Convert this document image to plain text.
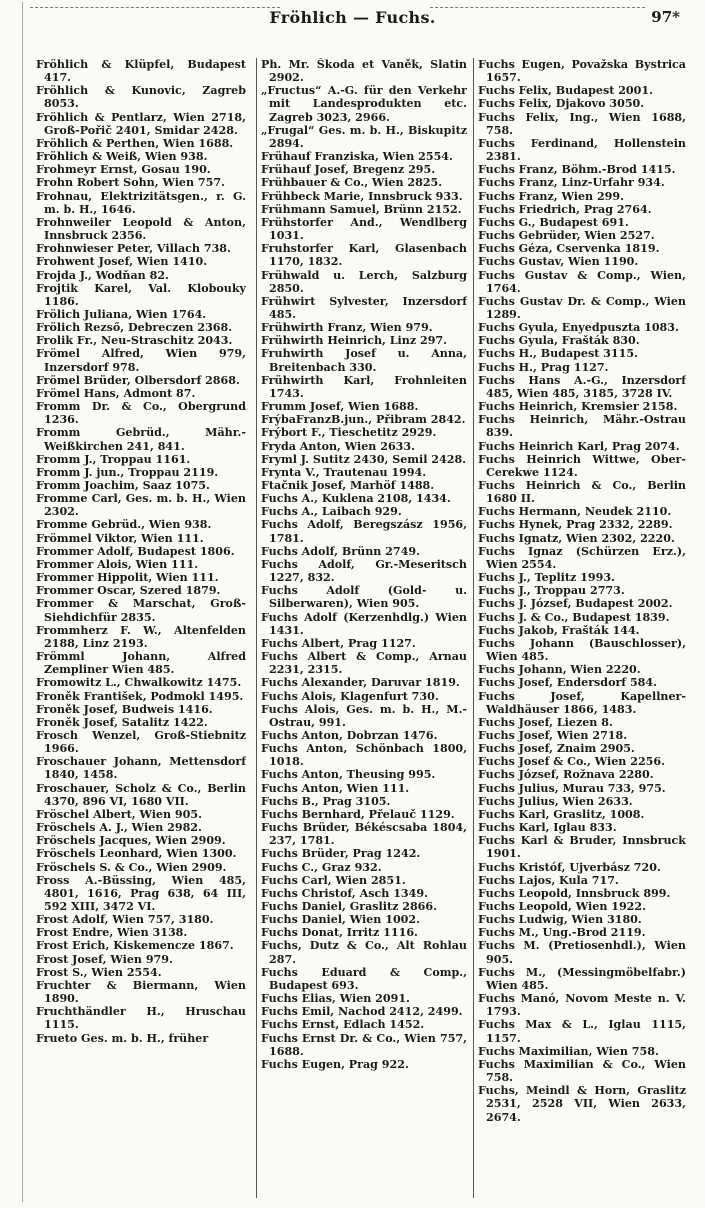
Fröhlich — Fuchs.	97*

Fröhlich & Klüpfel, Budapest 417.

Fröhlich & Kunovic, Zagreb 8053.

Fröhlich & Pentlarz, Wien 2718, Groß-Pořič 2401, Smidar 2428.

Fröhlich & Perthen, Wien 1688.

Fröhlich & Weiß, Wien 938.

Frohmeyr Ernst, Gosau 190.

Frohn Robert Sohn, Wien 757.

Frohnau, Elektrizitätsgen., r. G. m. b. H., 1646.

Frohnweiler Leopold & Anton, Innsbruck 2356.

Frohnwieser Peter, Villach 738.

Frohwent Josef, Wien 1410.

Frojda J., Wodňan 82.

Frojtik Karel, Val. Klobouky 1186.

Frölich Juliana, Wien 1764.

Frölich Rezső, Debreczen 2368.

Frolik Fr., Neu-Straschitz 2043.

Frömel Alfred, Wien 979, Inzersdorf 978.

Frömel Brüder, Olbersdorf 2868.

Frömel Hans, Admont 87.

Fromm Dr. & Co., Obergrund 1236.

Fromm Gebrüd., Mähr.-Weißkirchen 241, 841.

Fromm J., Troppau 1161.

Fromm J. jun., Troppau 2119.

Fromm Joachim, Saaz 1075.

Fromme Carl, Ges. m. b. H., Wien 2302.

Fromme Gebrüd., Wien 938.

Frömmel Viktor, Wien 111.

Frommer Adolf, Budapest 1806.

Frommer Alois, Wien 111.

Frommer Hippolit, Wien 111.

Frommer Oscar, Szered 1879.

Frommer & Marschat, Groß-Siehdichfür 2835.

Frommherz F. W., Altenfelden 2188, Linz 2193.

Frömml Johann, Alfred Zempliner Wien 485.

Fromowitz L., Chwalkowitz 1475.

Froněk František, Podmokl 1495.

Froněk Josef, Budweis 1416.

Froněk Josef, Satalitz 1422.

Frosch Wenzel, Groß-Stiebnitz 1966.

Froschauer Johann, Mettensdorf 1840, 1458.

Froschauer, Scholz & Co., Berlin 4370, 896 VI, 1680 VII.

Fröschel Albert, Wien 905.

Fröschels A. J., Wien 2982.

Fröschels Jacques, Wien 2909.

Fröschels Leonhard, Wien 1300.

Fröschels S. & Co., Wien 2909.

Fross A.-Büssing, Wien 485, 4801, 1616, Prag 638, 64 III, 592 XIII, 3472 VI.

Frost Adolf, Wien 757, 3180.

Frost Endre, Wien 3138.

Frost Erich, Kiskemencze 1867.

Frost Josef, Wien 979.

Frost S., Wien 2554.

Fruchter & Biermann, Wien 1890.

Fruchthändler H., Hruschau 1115.

Frueto Ges. m. b. H., früher

Ph. Mr. Škoda et Vaněk, Slatin 2902.

„Fructus“ A.-G. für den Verkehr mit Landesprodukten etc. Zagreb 3023, 2966.

„Frugal“ Ges. m. b. H., Biskupitz 2894.

Frühauf Franziska, Wien 2554.

Frühauf Josef, Bregenz 295.

Frühbauer & Co., Wien 2825.

Frühbeck Marie, Innsbruck 933.

Frühmann Samuel, Brünn 2152.

Frühstorfer And., Wendlberg 1031.

Fruhstorfer Karl, Glasenbach 1170, 1832.

Frühwald u. Lerch, Salzburg 2850.

Frühwirt Sylvester, Inzersdorf 485.

Frühwirth Franz, Wien 979.

Frühwirth Heinrich, Linz 297.

Fruhwirth Josef u. Anna, Breitenbach 330.

Frühwirth Karl, Frohnleiten 1743.

Frumm Josef, Wien 1688.

FrýbaFranzB.jun., Přibram 2842.

Frýbort F., Tieschetitz 2929.

Fryda Anton, Wien 2633.

Fryml J. Sutitz 2430, Semil 2428.

Frynta V., Trautenau 1994.

Ftačnik Josef, Marhöf 1488.

Fuchs A., Kuklena 2108, 1434.

Fuchs A., Laibach 929.

Fuchs Adolf, Beregszász 1956, 1781.

Fuchs Adolf, Brünn 2749.

Fuchs Adolf, Gr.-Meseritsch 1227, 832.

Fuchs Adolf (Gold- u. Silberwaren), Wien 905.

Fuchs Adolf (Kerzenhdlg.) Wien 1431.

Fuchs Albert, Prag 1127.

Fuchs Albert & Comp., Arnau 2231, 2315.

Fuchs Alexander, Daruvar 1819.

Fuchs Alois, Klagenfurt 730.

Fuchs Alois, Ges. m. b. H., M.-Ostrau, 991.

Fuchs Anton, Dobrzan 1476.

Fuchs Anton, Schönbach 1800, 1018.

Fuchs Anton, Theusing 995.

Fuchs Anton, Wien 111.

Fuchs B., Prag 3105.

Fuchs Bernhard, Přelauč 1129.

Fuchs Brüder, Békéscsaba 1804, 237, 1781.

Fuchs Brüder, Prag 1242.

Fuchs C., Graz 932.

Fuchs Carl, Wien 2851.

Fuchs Christof, Asch 1349.

Fuchs Daniel, Graslitz 2866.

Fuchs Daniel, Wien 1002.

Fuchs Donat, Irritz 1116.

Fuchs, Dutz & Co., Alt Rohlau 287.

Fuchs Eduard & Comp., Budapest 693.

Fuchs Elias, Wien 2091.

Fuchs Emil, Nachod 2412, 2499.

Fuchs Ernst, Edlach 1452.

Fuchs Ernst Dr. & Co., Wien 757, 1688.

Fuchs Eugen, Prag 922.

Fuchs Eugen, Považska Bystrica 1657.

Fuchs Felix, Budapest 2001.

Fuchs Felix, Djakovo 3050.

Fuchs Felix, Ing., Wien 1688, 758.

Fuchs Ferdinand, Hollenstein 2381.

Fuchs Franz, Böhm.-Brod 1415.

Fuchs Franz, Linz-Urfahr 934.

Fuchs Franz, Wien 299.

Fuchs Friedrich, Prag 2764.

Fuchs G., Budapest 691.

Fuchs Gebrüder, Wien 2527.

Fuchs Géza, Cservenka 1819.

Fuchs Gustav, Wien 1190.

Fuchs Gustav & Comp., Wien, 1764.

Fuchs Gustav Dr. & Comp., Wien 1289.

Fuchs Gyula, Enyedpuszta 1083.

Fuchs Gyula, Frašták 830.

Fuchs H., Budapest 3115.

Fuchs H., Prag 1127.

Fuchs Hans A.-G., Inzersdorf 485, Wien 485, 3185, 3728 IV.

Fuchs Heinrich, Kremsier 2158.

Fuchs Heinrich, Mähr.-Ostrau 839.

Fuchs Heinrich Karl, Prag 2074.

Fuchs Heinrich Wittwe, Ober-Cerekwe 1124.

Fuchs Heinrich & Co., Berlin 1680 II.

Fuchs Hermann, Neudek 2110.

Fuchs Hynek, Prag 2332, 2289.

Fuchs Ignatz, Wien 2302, 2220.

Fuchs Ignaz (Schürzen Erz.), Wien 2554.

Fuchs J., Teplitz 1993.

Fuchs J., Troppau 2773.

Fuchs J. József, Budapest 2002.

Fuchs J. & Co., Budapest 1839.

Fuchs Jakob, Frašták 144.

Fuchs Johann (Bauschlosser), Wien 485.

Fuchs Johann, Wien 2220.

Fuchs Josef, Endersdorf 584.

Fuchs Josef, Kapellner-Waldhäuser 1866, 1483.

Fuchs Josef, Liezen 8.

Fuchs Josef, Wien 2718.

Fuchs Josef, Znaim 2905.

Fuchs Josef & Co., Wien 2256.

Fuchs József, Rožnava 2280.

Fuchs Julius, Murau 733, 975.

Fuchs Julius, Wien 2633.

Fuchs Karl, Graslitz, 1008.

Fuchs Karl, Iglau 833.

Fuchs Karl & Bruder, Innsbruck 1901.

Fuchs Kristóf, Ujverbász 720.

Fuchs Lajos, Kula 717.

Fuchs Leopold, Innsbruck 899.

Fuchs Leopold, Wien 1922.

Fuchs Ludwig, Wien 3180.

Fuchs M., Ung.-Brod 2119.

Fuchs M. (Pretiosenhdl.), Wien 905.

Fuchs M., (Messingmöbelfabr.) Wien 485.

Fuchs Manó, Novom Meste n. V. 1793.

Fuchs Max & L., Iglau 1115, 1157.

Fuchs Maximilian, Wien 758.

Fuchs Maximilian & Co., Wien 758.

Fuchs, Meindl & Horn, Graslitz 2531, 2528 VII, Wien 2633, 2674.
